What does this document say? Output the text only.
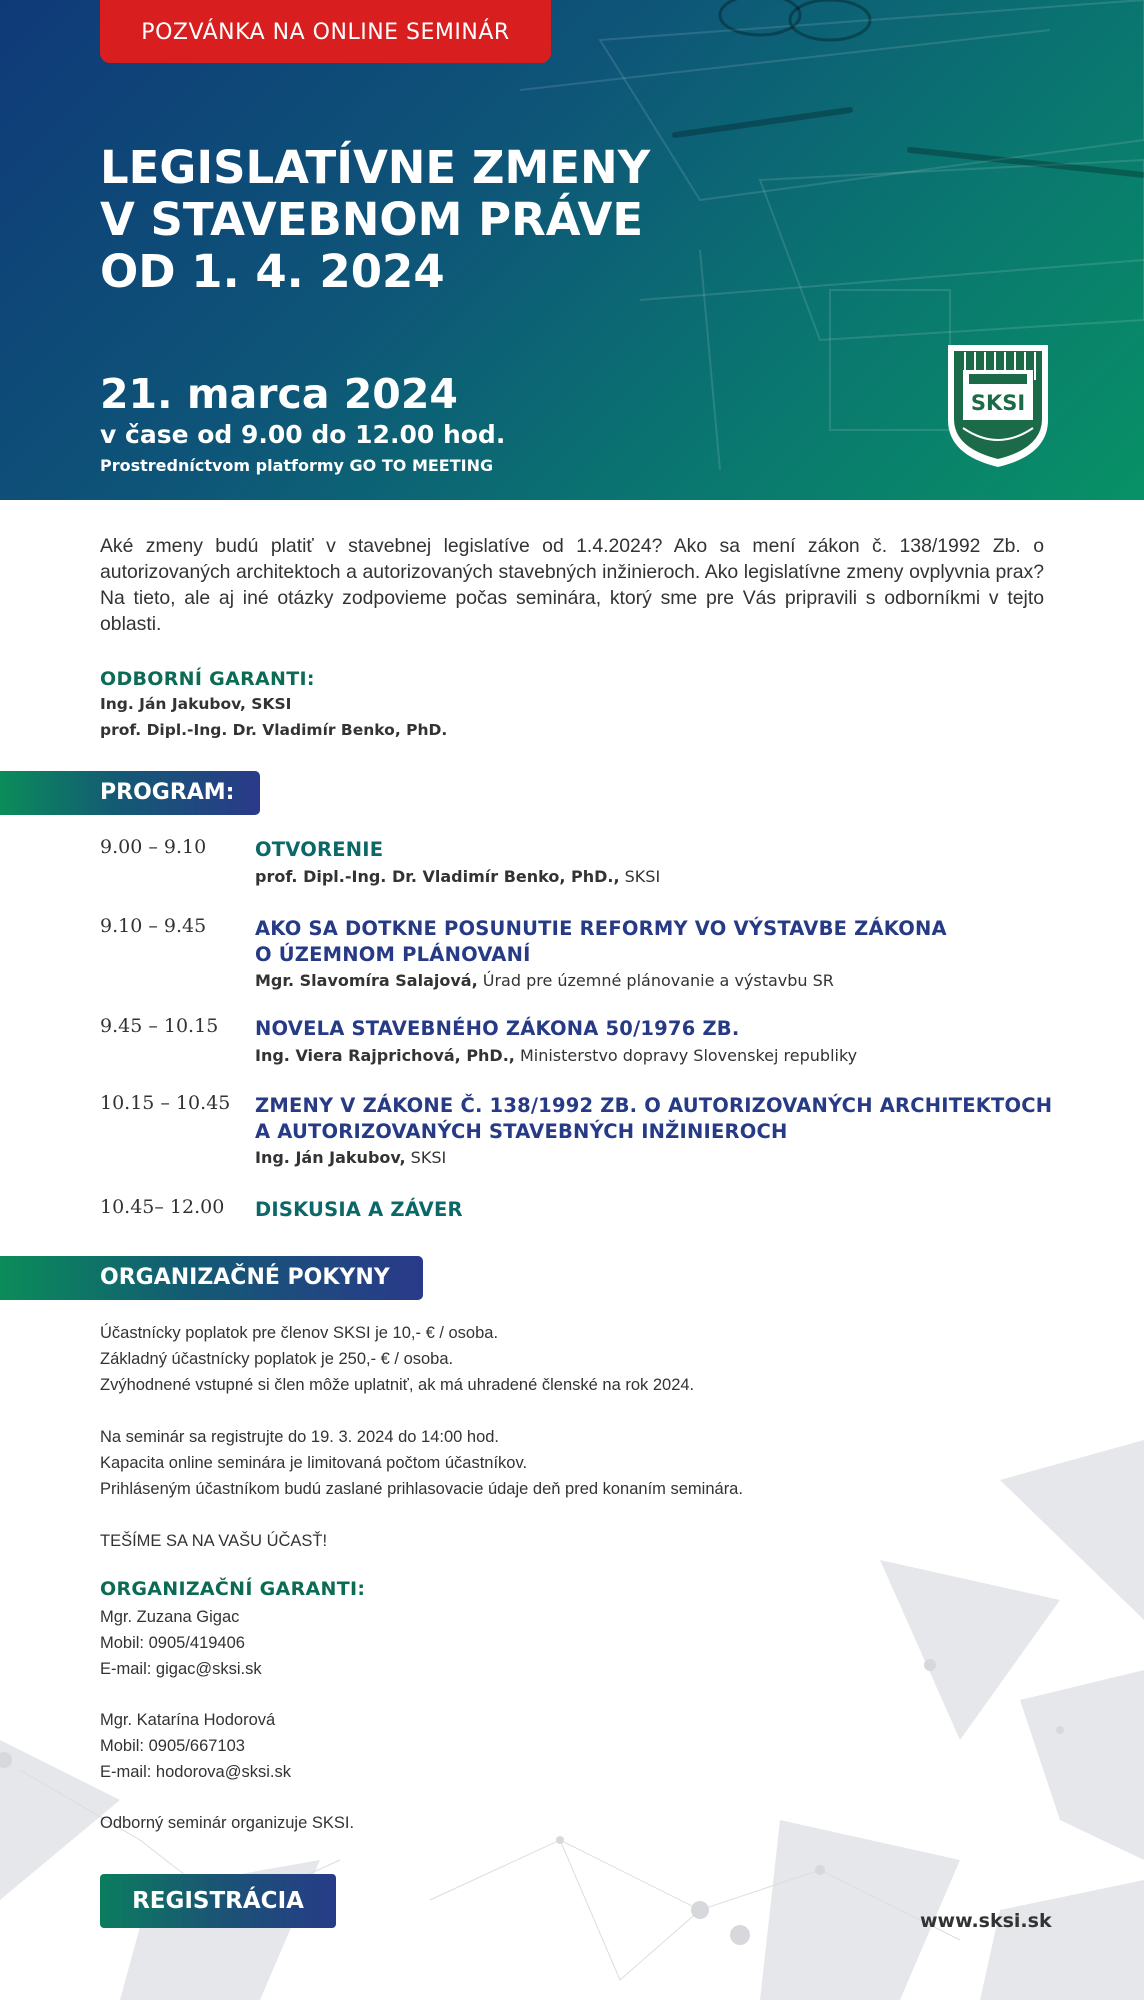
POZVÁNKA NA ONLINE SEMINÁR
LEGISLATÍVNE ZMENY
V STAVEBNOM PRÁVE
OD 1. 4. 2024
21. marca 2024
v čase od 9.00 do 12.00 hod.
Prostredníctvom platformy GO TO MEETING
SKSI

Aké zmeny budú platiť v stavebnej legislatíve od 1.4.2024? Ako sa mení zákon č. 138/1992 Zb. o autorizovaných architektoch a autorizovaných stavebných inžinieroch. Ako legislatívne zmeny ovplyvnia prax? Na tieto, ale aj iné otázky zodpovieme počas seminára, ktorý sme pre Vás pripravili s odborníkmi v tejto oblasti.

ODBORNÍ GARANTI:
Ing. Ján Jakubov, SKSI
prof. Dipl.-Ing. Dr. Vladimír Benko, PhD.
PROGRAM:
9.00 – 9.10	OTVORENIE
prof. Dipl.-Ing. Dr. Vladimír Benko, PhD., SKSI
9.10 – 9.45	AKO SA DOTKNE POSUNUTIE REFORMY VO VÝSTAVBE ZÁKONA
O ÚZEMNOM PLÁNOVANÍ
Mgr. Slavomíra Salajová, Úrad pre územné plánovanie a výstavbu SR
9.45 – 10.15 NOVELA STAVEBNÉHO ZÁKONA 50/1976 ZB.
Ing. Viera Rajprichová, PhD., Ministerstvo dopravy Slovenskej republiky
10.15 – 10.45 ZMENY V ZÁKONE Č. 138/1992 ZB. O AUTORIZOVANÝCH ARCHITEKTOCH
A AUTORIZOVANÝCH STAVEBNÝCH INŽINIEROCH
Ing. Ján Jakubov, SKSI
10.45– 12.00 DISKUSIA A ZÁVER
ORGANIZAČNÉ POKYNY
Účastnícky poplatok pre členov SKSI je 10,- € / osoba.
Základný účastnícky poplatok je 250,- € / osoba.
Zvýhodnené vstupné si člen môže uplatniť, ak má uhradené členské na rok 2024.
Na seminár sa registrujte do 19. 3. 2024 do 14:00 hod.
Kapacita online seminára je limitovaná počtom účastníkov.
Prihláseným účastníkom budú zaslané prihlasovacie údaje deň pred konaním seminára.
TEŠÍME SA NA VAŠU ÚČASŤ!
ORGANIZAČNÍ GARANTI:
Mgr. Zuzana Gigac
Mobil: 0905/419406
E-mail: gigac@sksi.sk
Mgr. Katarína Hodorová
Mobil: 0905/667103
E-mail: hodorova@sksi.sk
Odborný seminár organizuje SKSI.
REGISTRÁCIA
www.sksi.sk
